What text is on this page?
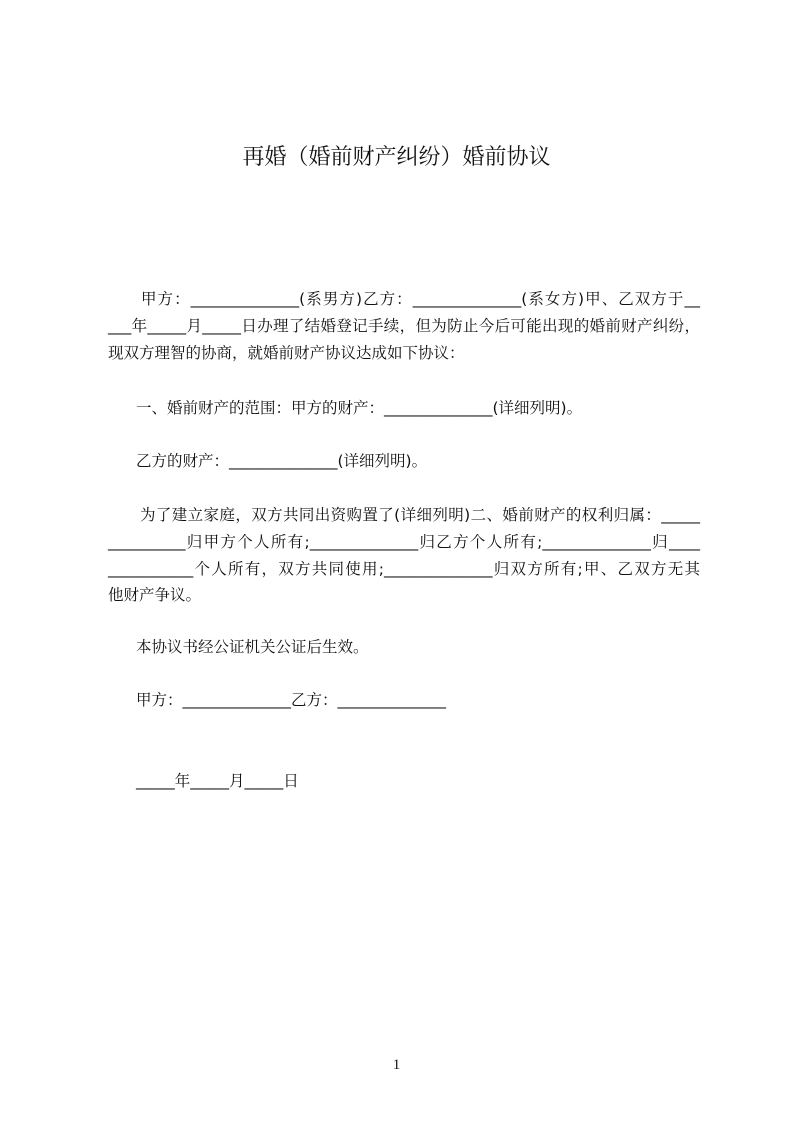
再婚（婚前财产纠纷）婚前协议
甲方：______________(系男方)乙方：______________(系女方)甲、乙双方于__
___年_____月_____日办理了结婚登记手续，但为防止今后可能出现的婚前财产纠纷，
现双方理智的协商，就婚前财产协议达成如下协议：
一、婚前财产的范围：甲方的财产：______________(详细列明)。
乙方的财产：______________(详细列明)。
为了建立家庭，双方共同出资购置了(详细列明)二、婚前财产的权利归属：_____
__________归甲方个人所有;______________归乙方个人所有;______________归____
___________个人所有，双方共同使用;______________归双方所有;甲、乙双方无其
他财产争议。
本协议书经公证机关公证后生效。
甲方：______________乙方：______________
_____年_____月_____日
1
